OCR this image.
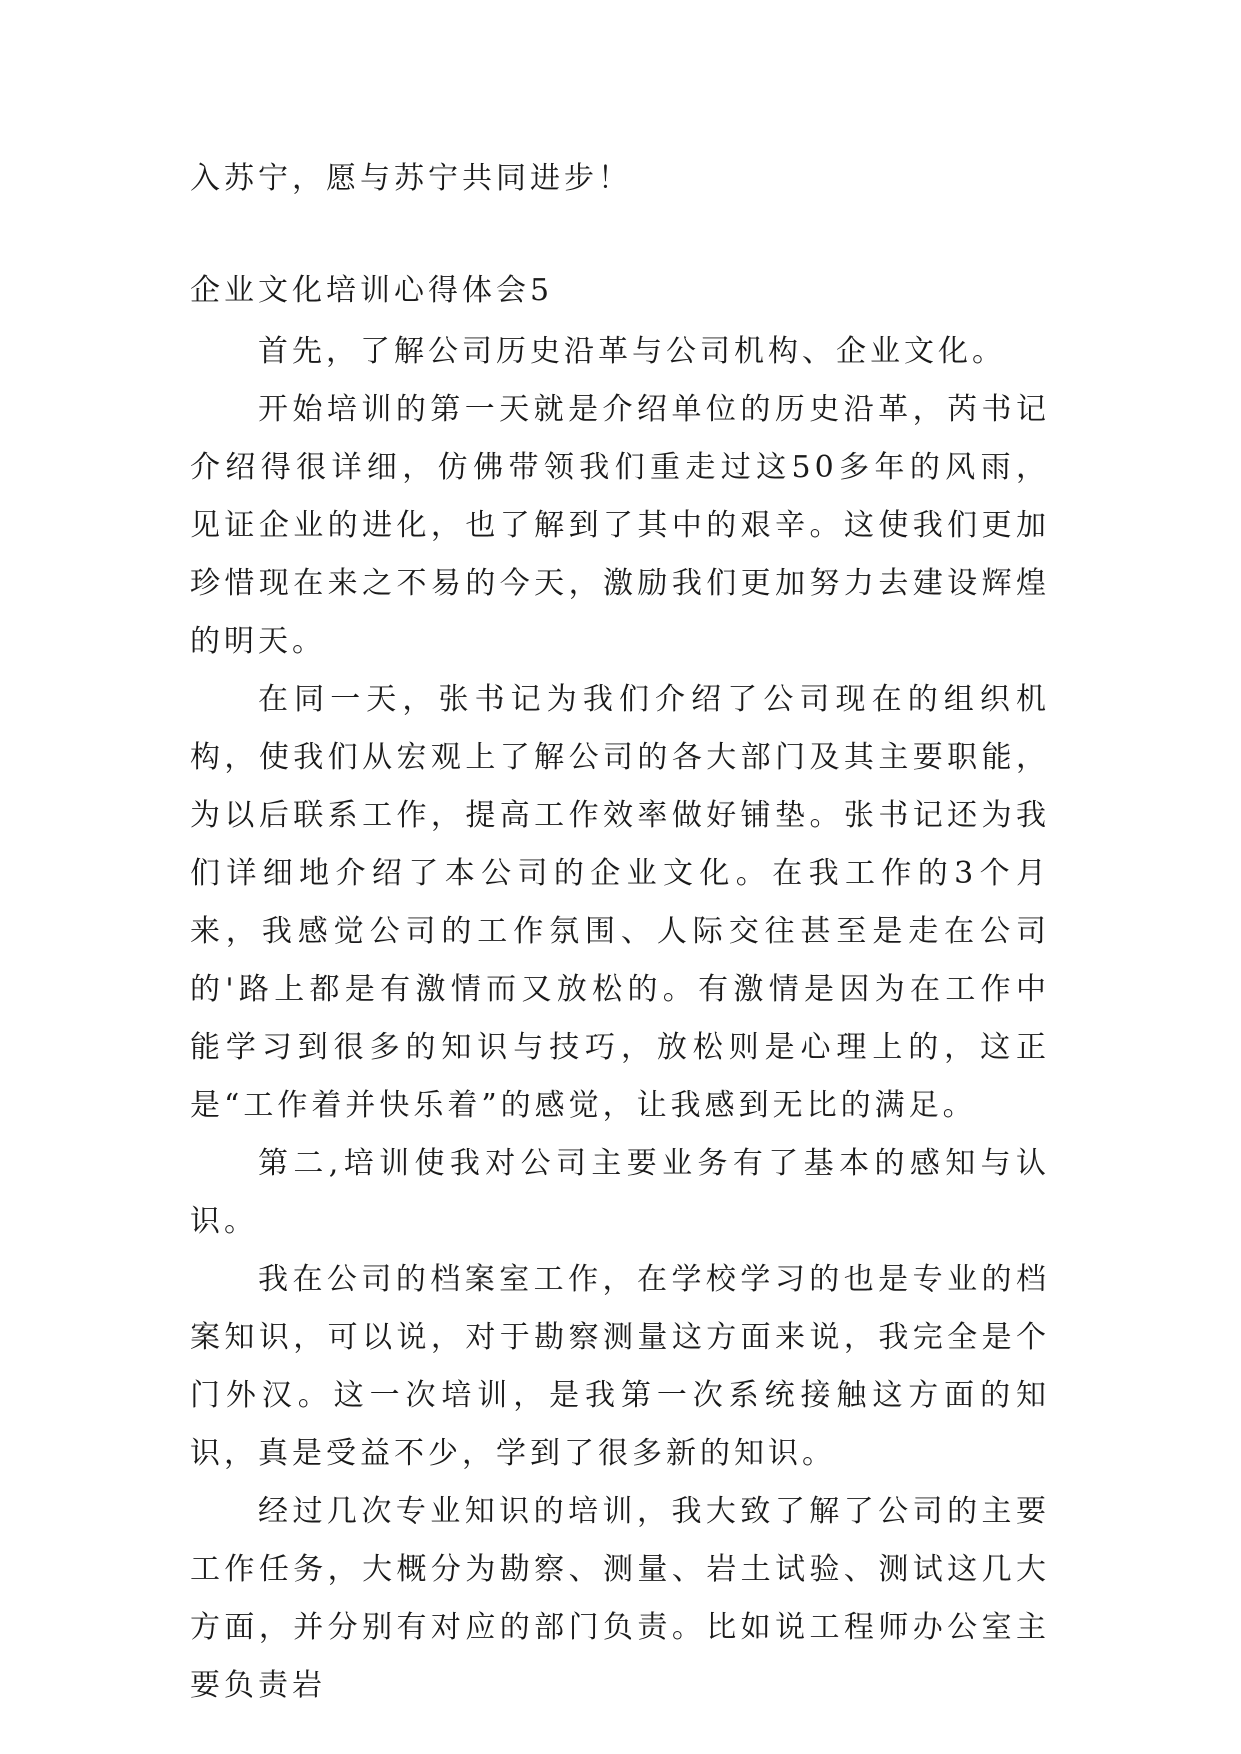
入苏宁，愿与苏宁共同进步！
企业文化培训心得体会5

首先，了解公司历史沿革与公司机构、企业文化。

开始培训的第一天就是介绍单位的历史沿革，芮书记介绍得很详细，仿佛带领我们重走过这50多年的风雨，见证企业的进化，也了解到了其中的艰辛。这使我们更加珍惜现在来之不易的今天，激励我们更加努力去建设辉煌的明天。

在同一天，张书记为我们介绍了公司现在的组织机构，使我们从宏观上了解公司的各大部门及其主要职能，为以后联系工作，提高工作效率做好铺垫。张书记还为我们详细地介绍了本公司的企业文化。在我工作的3个月来，我感觉公司的工作氛围、人际交往甚至是走在公司的'路上都是有激情而又放松的。有激情是因为在工作中能学习到很多的知识与技巧，放松则是心理上的，这正是“工作着并快乐着”的感觉，让我感到无比的满足。

第二,培训使我对公司主要业务有了基本的感知与认识。

我在公司的档案室工作，在学校学习的也是专业的档案知识，可以说，对于勘察测量这方面来说，我完全是个门外汉。这一次培训，是我第一次系统接触这方面的知识，真是受益不少，学到了很多新的知识。

经过几次专业知识的培训，我大致了解了公司的主要工作任务，大概分为勘察、测量、岩土试验、测试这几大方面，并分别有对应的部门负责。比如说工程师办公室主要负责岩
